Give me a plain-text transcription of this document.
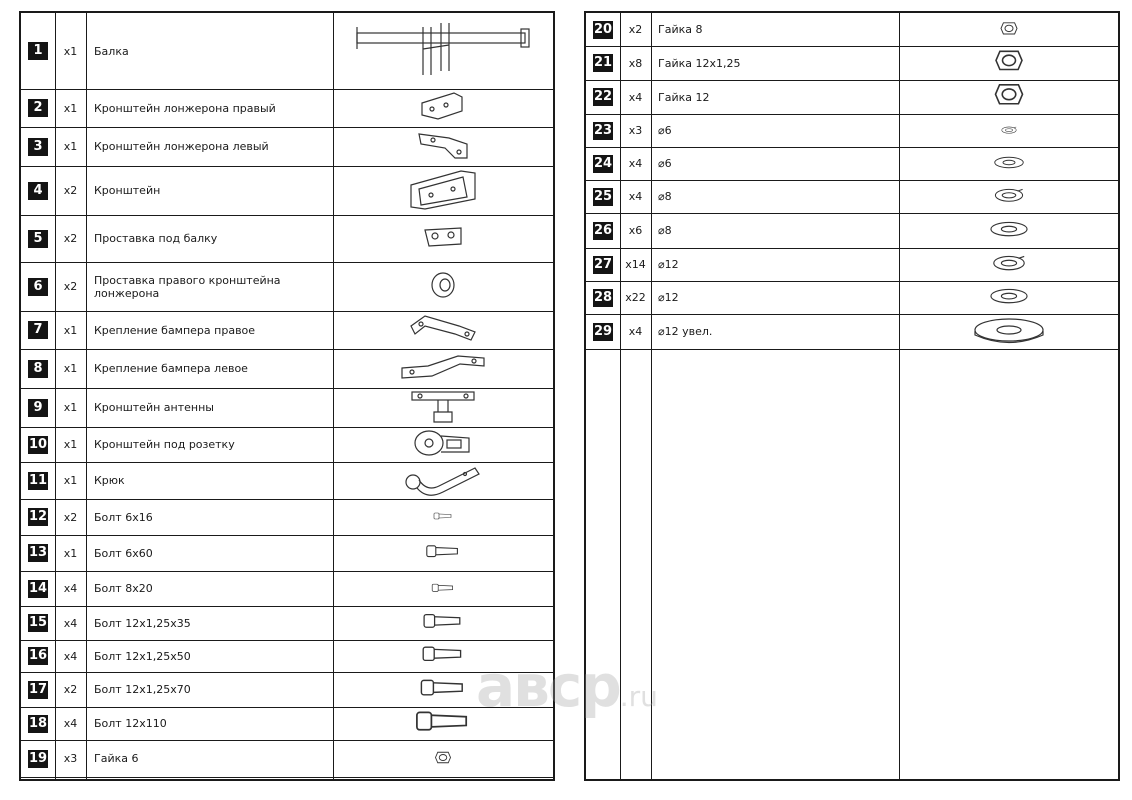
1	x1	Балка
2	x1	Кронштейн лонжерона правый
3	x1	Кронштейн лонжерона левый
4	x2	Кронштейн
5	x2	Проставка под балку
6	x2	Проставка правого кронштейна лонжерона
7	x1	Крепление бампера правое
8	x1	Крепление бампера левое
9	x1	Кронштейн антенны
10	x1	Кронштейн под розетку
11	x1	Крюк
12	x2	Болт 6x16
13	x1	Болт 6x60
14	x4	Болт 8x20
15	x4	Болт 12x1,25x35
16	x4	Болт 12x1,25x50
17	x2	Болт 12x1,25x70
18	x4	Болт 12x110
19	x3	Гайка 6
20	x2	Гайка 8
21	x8	Гайка 12x1,25
22	x4	Гайка 12
23	x3	⌀6
24	x4	⌀6
25	x4	⌀8
26	x6	⌀8
27	x14	⌀12
28	x22	⌀12
29	x4	⌀12 увел.
aвсp.ru
